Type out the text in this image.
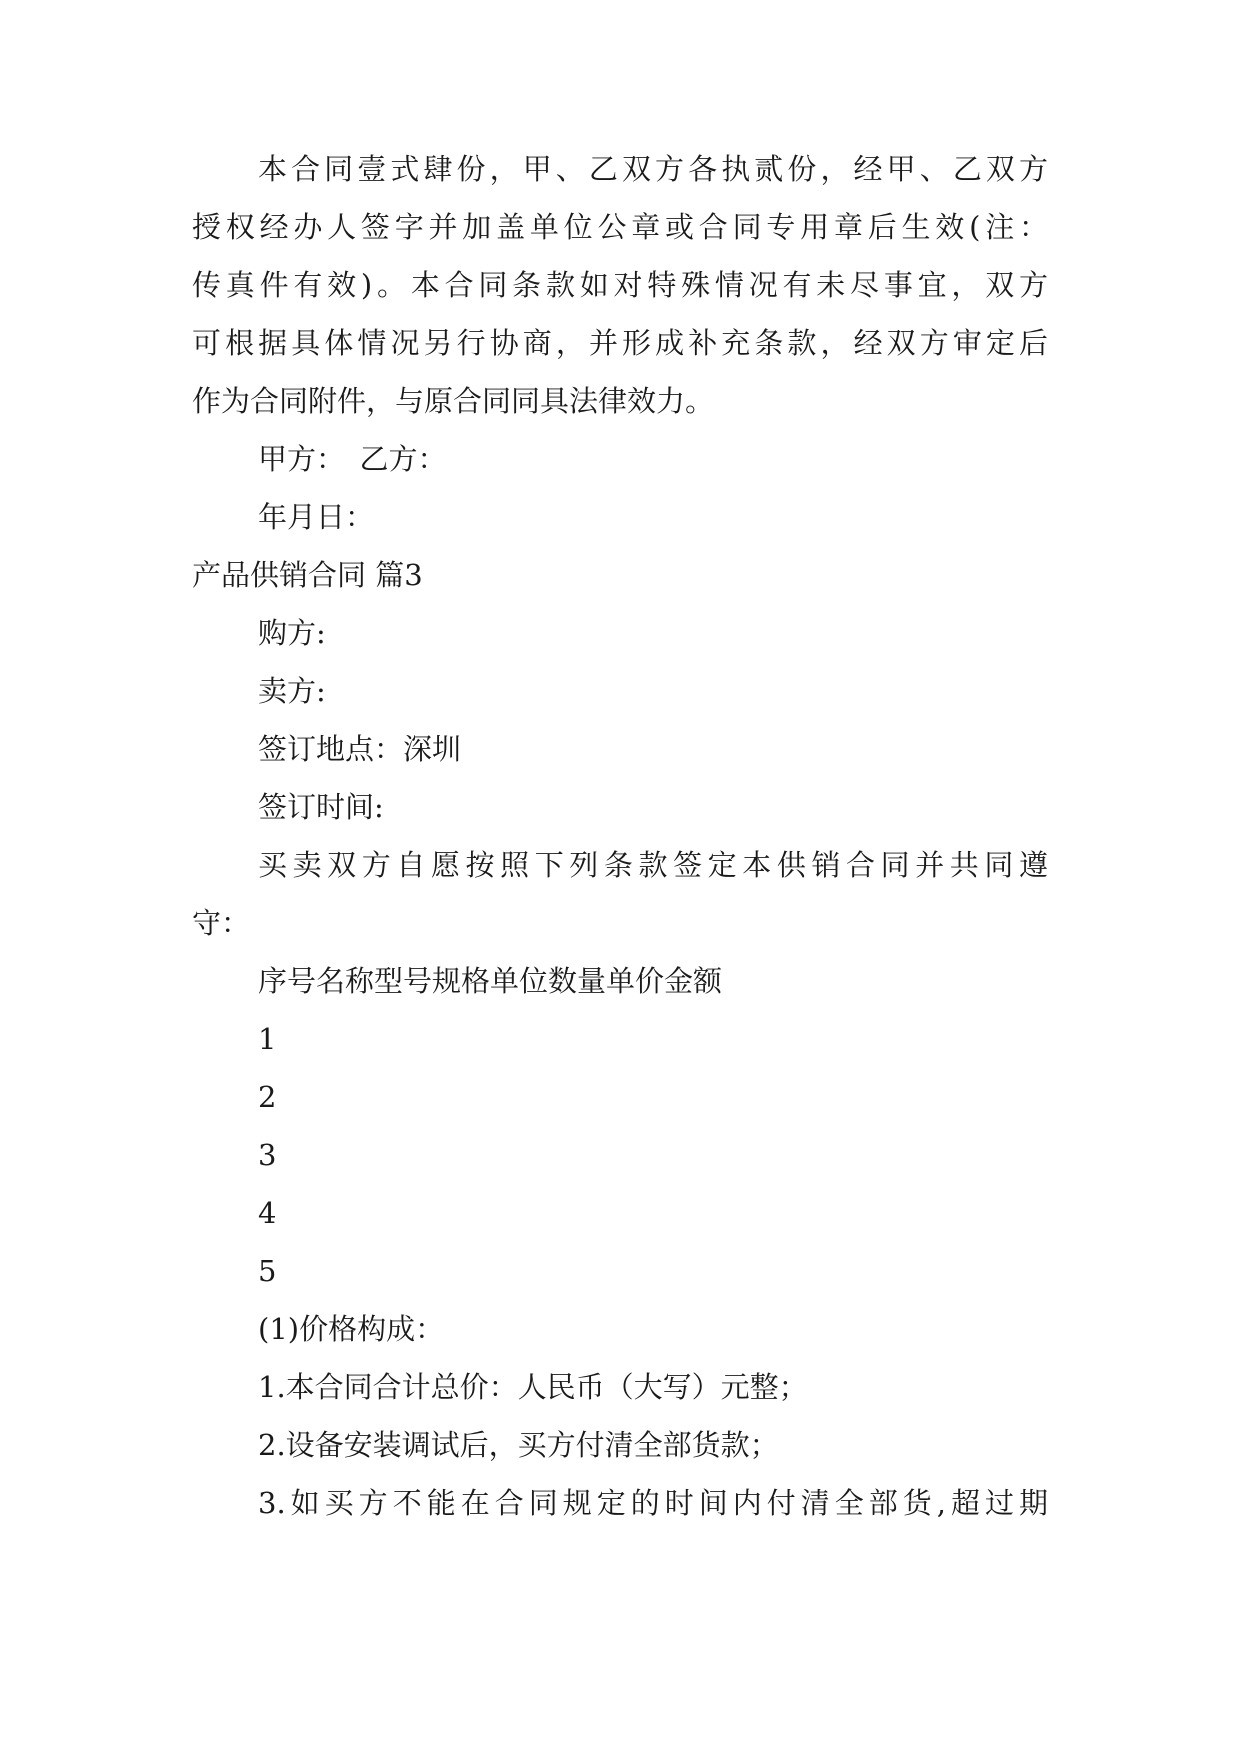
本合同壹式肆份，甲、乙双方各执贰份，经甲、乙双方
授权经办人签字并加盖单位公章或合同专用章后生效(注：
传真件有效)。本合同条款如对特殊情况有未尽事宜，双方
可根据具体情况另行协商，并形成补充条款，经双方审定后
作为合同附件，与原合同同具法律效力。
甲方：　乙方：
年月日：
产品供销合同 篇3
购方:
卖方:
签订地点：深圳
签订时间:
买卖双方自愿按照下列条款签定本供销合同并共同遵
守：
序号名称型号规格单位数量单价金额
1
2
3
4
5
(1)价格构成：
1.本合同合计总价：人民币（大写）元整；
2.设备安装调试后，买方付清全部货款；
3.如买方不能在合同规定的时间内付清全部货,超过期
